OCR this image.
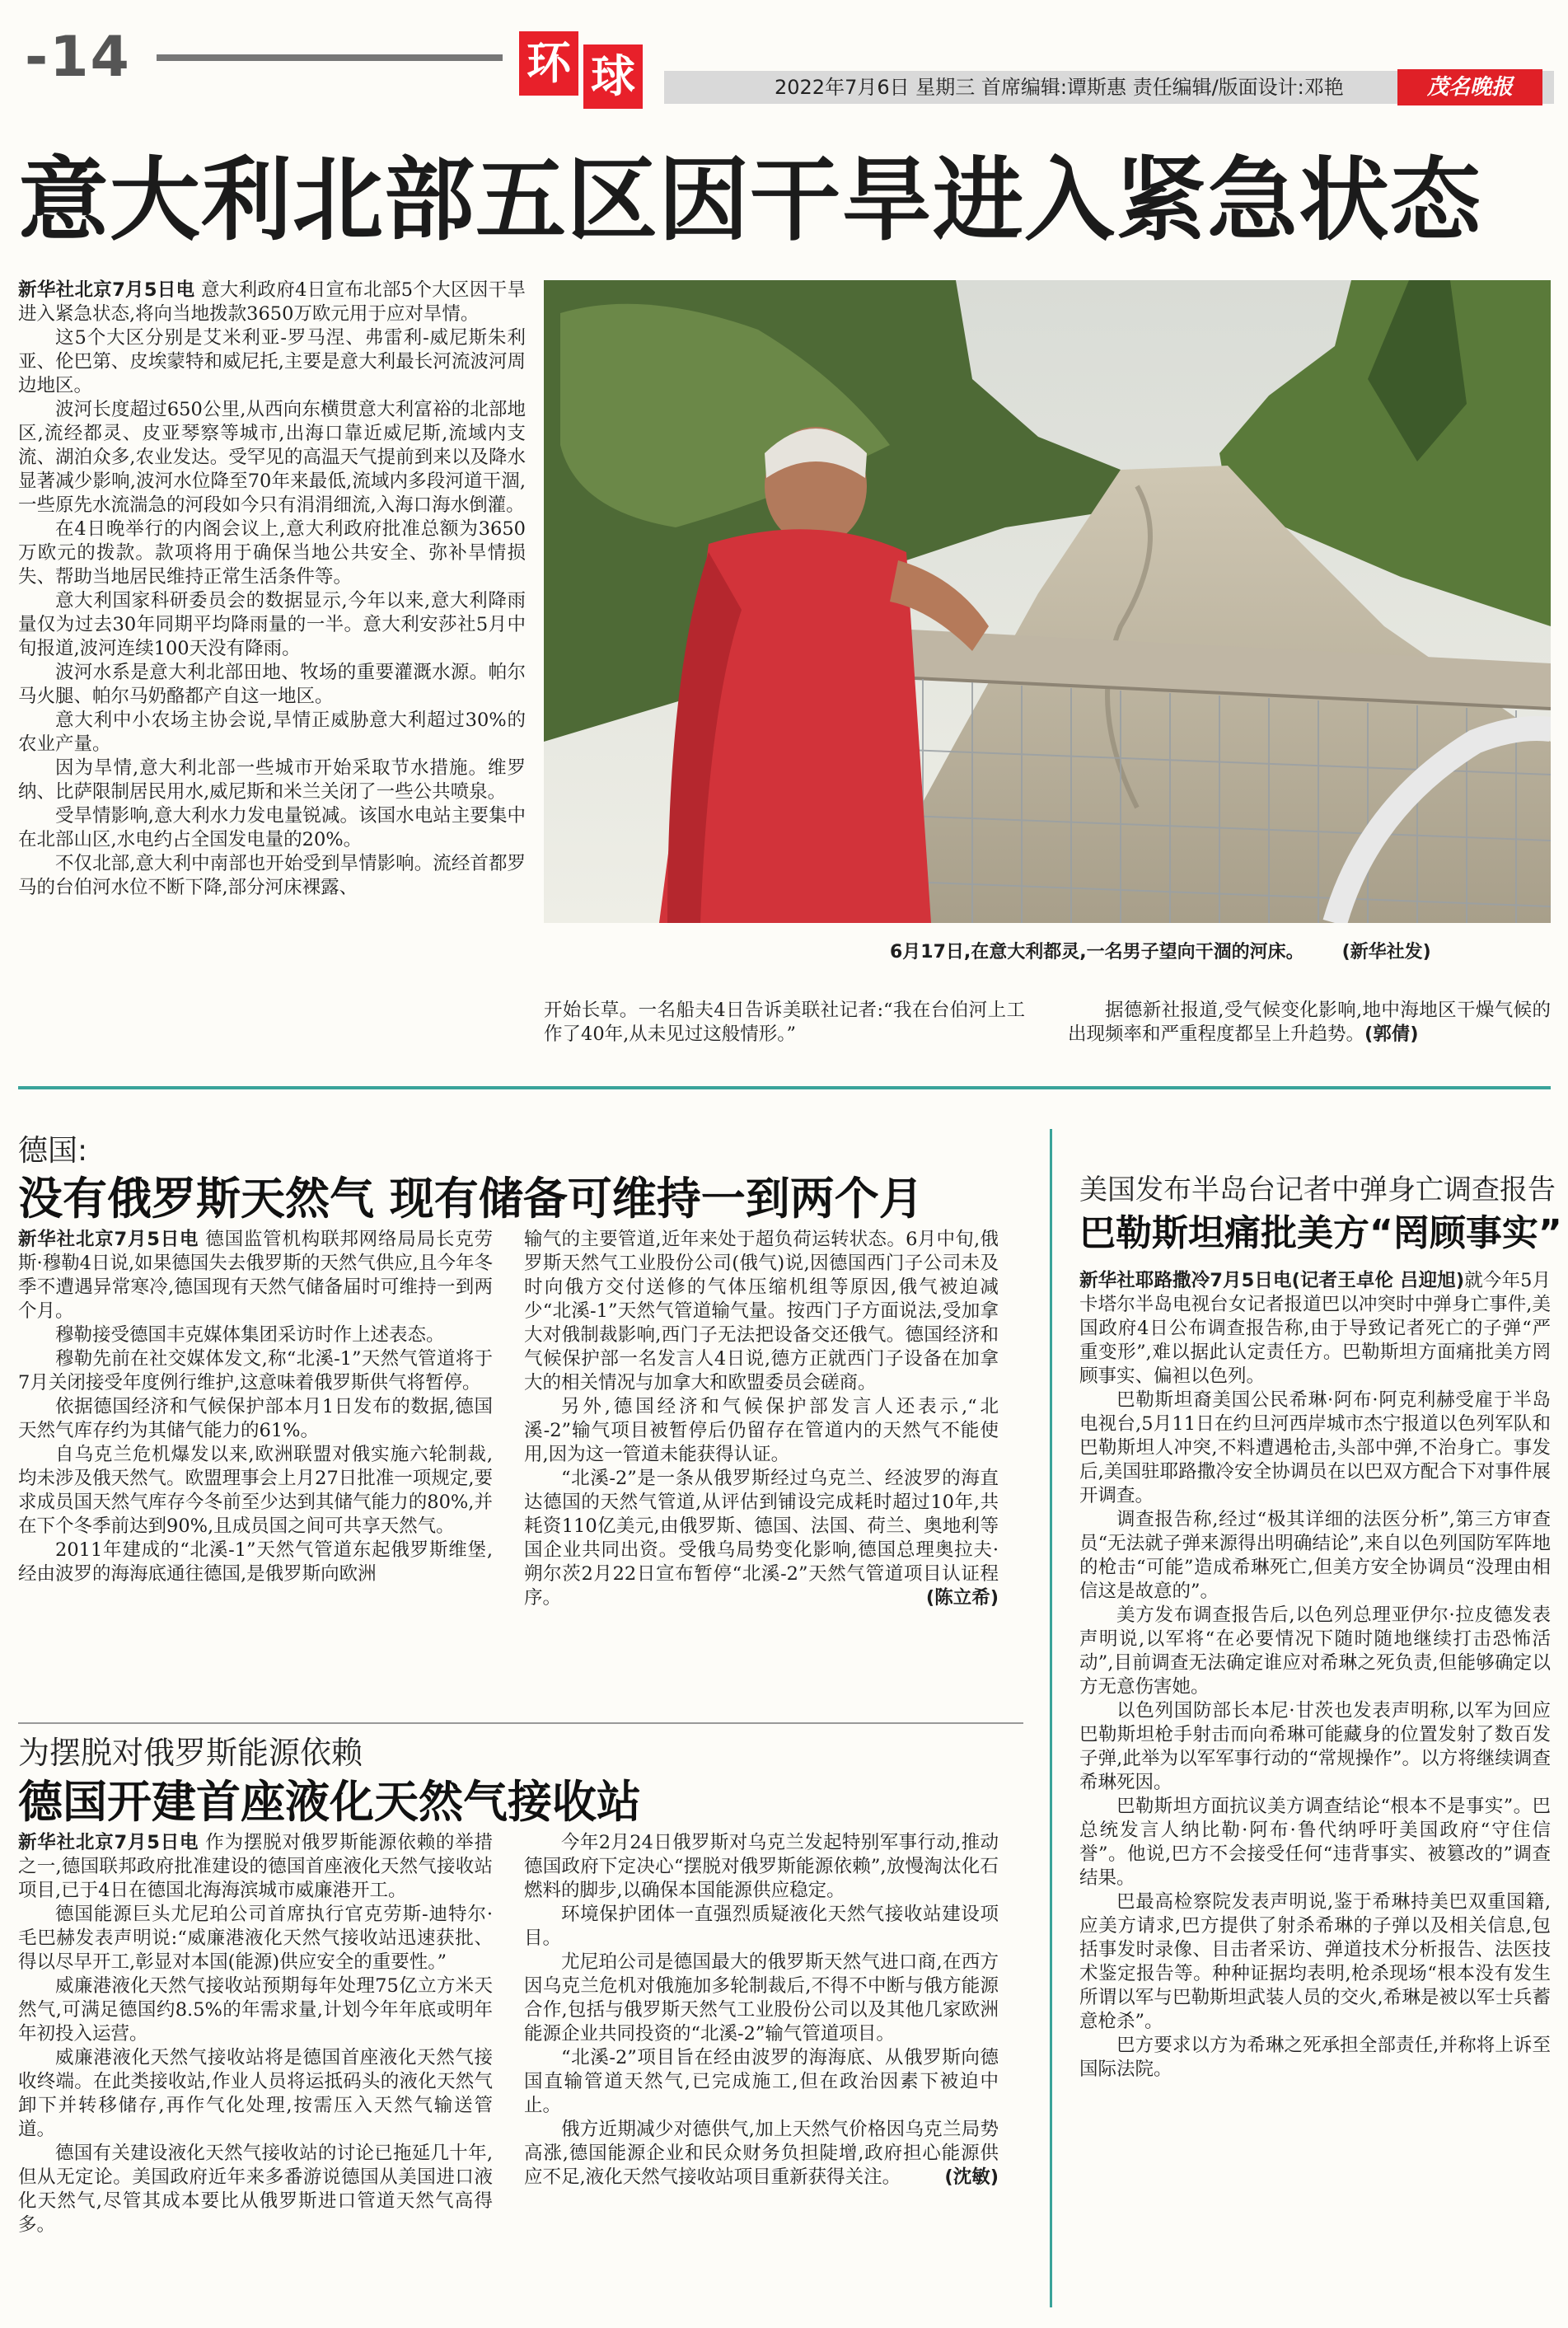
-14	环 球	2022年7月6日 星期三 首席编辑:谭斯惠 责任编辑/版面设计:邓艳	茂名晚报
意大利北部五区因干旱进入紧急状态

新华社北京7月5日电 意大利政府4日宣布北部5个大区因干旱进入紧急状态,将向当地拨款3650万欧元用于应对旱情。

这5个大区分别是艾米利亚-罗马涅、弗雷利-威尼斯朱利亚、伦巴第、皮埃蒙特和威尼托,主要是意大利最长河流波河周边地区。

波河长度超过650公里,从西向东横贯意大利富裕的北部地区,流经都灵、皮亚琴察等城市,出海口靠近威尼斯,流域内支流、湖泊众多,农业发达。受罕见的高温天气提前到来以及降水显著减少影响,波河水位降至70年来最低,流域内多段河道干涸,一些原先水流湍急的河段如今只有涓涓细流,入海口海水倒灌。

在4日晚举行的内阁会议上,意大利政府批准总额为3650万欧元的拨款。款项将用于确保当地公共安全、弥补旱情损失、帮助当地居民维持正常生活条件等。

意大利国家科研委员会的数据显示,今年以来,意大利降雨量仅为过去30年同期平均降雨量的一半。意大利安莎社5月中旬报道,波河连续100天没有降雨。

波河水系是意大利北部田地、牧场的重要灌溉水源。帕尔马火腿、帕尔马奶酪都产自这一地区。

意大利中小农场主协会说,旱情正威胁意大利超过30%的农业产量。

因为旱情,意大利北部一些城市开始采取节水措施。维罗纳、比萨限制居民用水,威尼斯和米兰关闭了一些公共喷泉。

受旱情影响,意大利水力发电量锐减。该国水电站主要集中在北部山区,水电约占全国发电量的20%。

不仅北部,意大利中南部也开始受到旱情影响。流经首都罗马的台伯河水位不断下降,部分河床裸露、

6月17日,在意大利都灵,一名男子望向干涸的河床。 (新华社发)

开始长草。一名船夫4日告诉美联社记者:“我在台伯河上工作了40年,从未见过这般情形。”

据德新社报道,受气候变化影响,地中海地区干燥气候的出现频率和严重程度都呈上升趋势。(郭倩)

德国:
没有俄罗斯天然气 现有储备可维持一到两个月

新华社北京7月5日电 德国监管机构联邦网络局局长克劳斯·穆勒4日说,如果德国失去俄罗斯的天然气供应,且今年冬季不遭遇异常寒冷,德国现有天然气储备届时可维持一到两个月。

穆勒接受德国丰克媒体集团采访时作上述表态。

穆勒先前在社交媒体发文,称“北溪-1”天然气管道将于7月关闭接受年度例行维护,这意味着俄罗斯供气将暂停。

依据德国经济和气候保护部本月1日发布的数据,德国天然气库存约为其储气能力的61%。

自乌克兰危机爆发以来,欧洲联盟对俄实施六轮制裁,均未涉及俄天然气。欧盟理事会上月27日批准一项规定,要求成员国天然气库存今冬前至少达到其储气能力的80%,并在下个冬季前达到90%,且成员国之间可共享天然气。

2011年建成的“北溪-1”天然气管道东起俄罗斯维堡,经由波罗的海海底通往德国,是俄罗斯向欧洲

输气的主要管道,近年来处于超负荷运转状态。6月中旬,俄罗斯天然气工业股份公司(俄气)说,因德国西门子公司未及时向俄方交付送修的气体压缩机组等原因,俄气被迫减少“北溪-1”天然气管道输气量。按西门子方面说法,受加拿大对俄制裁影响,西门子无法把设备交还俄气。德国经济和气候保护部一名发言人4日说,德方正就西门子设备在加拿大的相关情况与加拿大和欧盟委员会磋商。

另外,德国经济和气候保护部发言人还表示,“北溪-2”输气项目被暂停后仍留存在管道内的天然气不能使用,因为这一管道未能获得认证。

“北溪-2”是一条从俄罗斯经过乌克兰、经波罗的海直达德国的天然气管道,从评估到铺设完成耗时超过10年,共耗资110亿美元,由俄罗斯、德国、法国、荷兰、奥地利等国企业共同出资。受俄乌局势变化影响,德国总理奥拉夫·朔尔茨2月22日宣布暂停“北溪-2”天然气管道项目认证程序。	(陈立希)

为摆脱对俄罗斯能源依赖
德国开建首座液化天然气接收站

新华社北京7月5日电 作为摆脱对俄罗斯能源依赖的举措之一,德国联邦政府批准建设的德国首座液化天然气接收站项目,已于4日在德国北海海滨城市威廉港开工。

德国能源巨头尤尼珀公司首席执行官克劳斯-迪特尔·毛巴赫发表声明说:“威廉港液化天然气接收站迅速获批、得以尽早开工,彰显对本国(能源)供应安全的重要性。”

威廉港液化天然气接收站预期每年处理75亿立方米天然气,可满足德国约8.5%的年需求量,计划今年年底或明年年初投入运营。

威廉港液化天然气接收站将是德国首座液化天然气接收终端。在此类接收站,作业人员将运抵码头的液化天然气卸下并转移储存,再作气化处理,按需压入天然气输送管道。

德国有关建设液化天然气接收站的讨论已拖延几十年,但从无定论。美国政府近年来多番游说德国从美国进口液化天然气,尽管其成本要比从俄罗斯进口管道天然气高得多。

今年2月24日俄罗斯对乌克兰发起特别军事行动,推动德国政府下定决心“摆脱对俄罗斯能源依赖”,放慢淘汰化石燃料的脚步,以确保本国能源供应稳定。

环境保护团体一直强烈质疑液化天然气接收站建设项目。

尤尼珀公司是德国最大的俄罗斯天然气进口商,在西方因乌克兰危机对俄施加多轮制裁后,不得不中断与俄方能源合作,包括与俄罗斯天然气工业股份公司以及其他几家欧洲能源企业共同投资的“北溪-2”输气管道项目。

“北溪-2”项目旨在经由波罗的海海底、从俄罗斯向德国直输管道天然气,已完成施工,但在政治因素下被迫中止。

俄方近期减少对德供气,加上天然气价格因乌克兰局势高涨,德国能源企业和民众财务负担陡增,政府担心能源供应不足,液化天然气接收站项目重新获得关注。	(沈敏)

美国发布半岛台记者中弹身亡调查报告
巴勒斯坦痛批美方“罔顾事实”

新华社耶路撒冷7月5日电(记者王卓伦 吕迎旭)就今年5月卡塔尔半岛电视台女记者报道巴以冲突时中弹身亡事件,美国政府4日公布调查报告称,由于导致记者死亡的子弹“严重变形”,难以据此认定责任方。巴勒斯坦方面痛批美方罔顾事实、偏袒以色列。

巴勒斯坦裔美国公民希琳·阿布·阿克利赫受雇于半岛电视台,5月11日在约旦河西岸城市杰宁报道以色列军队和巴勒斯坦人冲突,不料遭遇枪击,头部中弹,不治身亡。事发后,美国驻耶路撒冷安全协调员在以巴双方配合下对事件展开调查。

调查报告称,经过“极其详细的法医分析”,第三方审查员“无法就子弹来源得出明确结论”,来自以色列国防军阵地的枪击“可能”造成希琳死亡,但美方安全协调员“没理由相信这是故意的”。

美方发布调查报告后,以色列总理亚伊尔·拉皮德发表声明说,以军将“在必要情况下随时随地继续打击恐怖活动”,目前调查无法确定谁应对希琳之死负责,但能够确定以方无意伤害她。

以色列国防部长本尼·甘茨也发表声明称,以军为回应巴勒斯坦枪手射击而向希琳可能藏身的位置发射了数百发子弹,此举为以军军事行动的“常规操作”。以方将继续调查希琳死因。

巴勒斯坦方面抗议美方调查结论“根本不是事实”。巴总统发言人纳比勒·阿布·鲁代纳呼吁美国政府“守住信誉”。他说,巴方不会接受任何“违背事实、被篡改的”调查结果。

巴最高检察院发表声明说,鉴于希琳持美巴双重国籍,应美方请求,巴方提供了射杀希琳的子弹以及相关信息,包括事发时录像、目击者采访、弹道技术分析报告、法医技术鉴定报告等。种种证据均表明,枪杀现场“根本没有发生所谓以军与巴勒斯坦武装人员的交火,希琳是被以军士兵蓄意枪杀”。

巴方要求以方为希琳之死承担全部责任,并称将上诉至国际法院。
